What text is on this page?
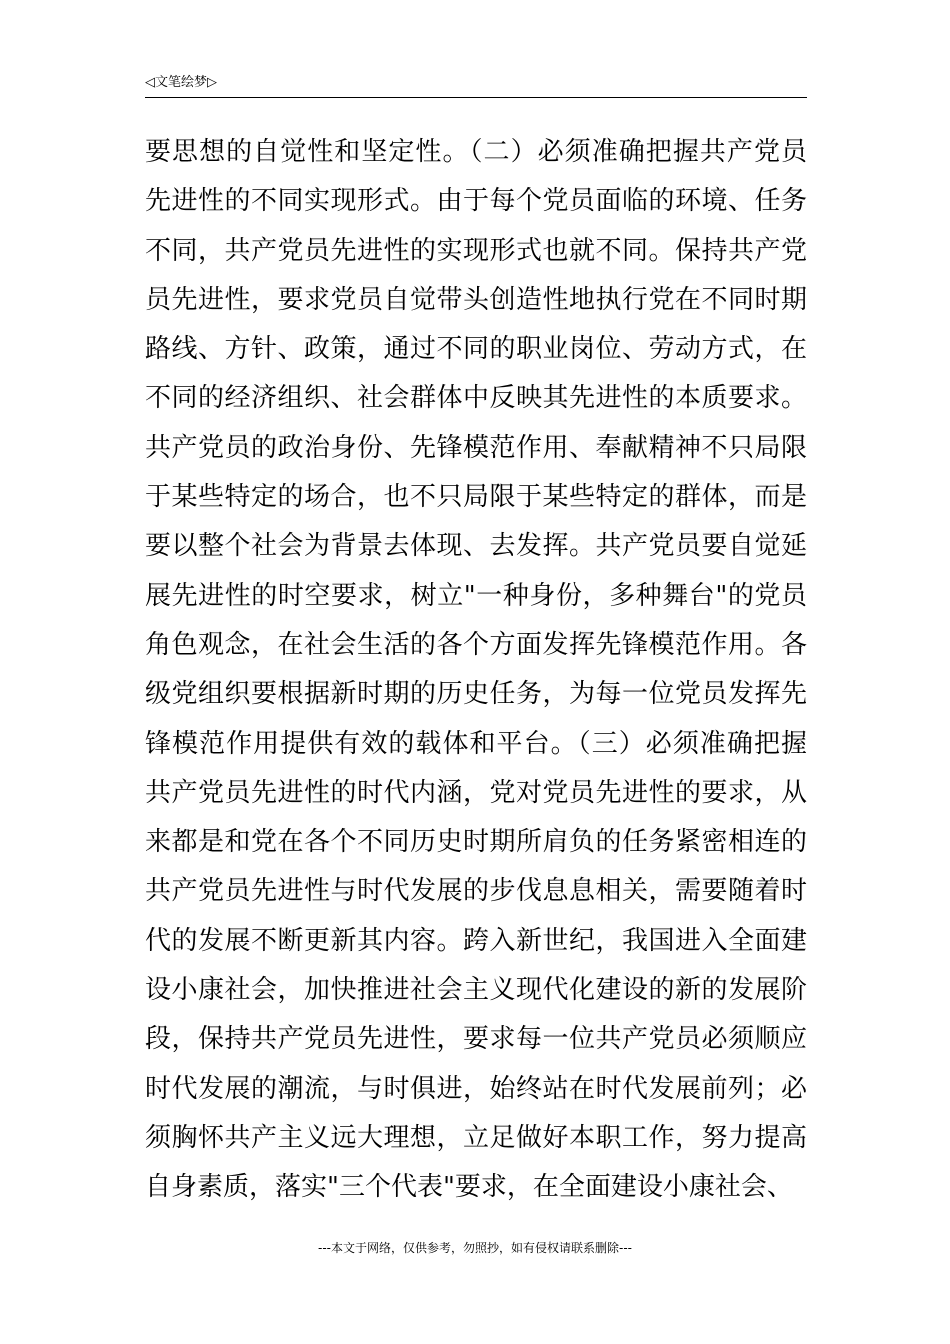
◁文笔绘梦▷
要思想的自觉性和坚定性。（二）必须准确把握共产党员
先进性的不同实现形式。由于每个党员面临的环境、任务
不同，共产党员先进性的实现形式也就不同。保持共产党
员先进性，要求党员自觉带头创造性地执行党在不同时期
路线、方针、政策，通过不同的职业岗位、劳动方式，在
不同的经济组织、社会群体中反映其先进性的本质要求。
共产党员的政治身份、先锋模范作用、奉献精神不只局限
于某些特定的场合，也不只局限于某些特定的群体，而是
要以整个社会为背景去体现、去发挥。共产党员要自觉延
展先进性的时空要求，树立"一种身份，多种舞台"的党员
角色观念，在社会生活的各个方面发挥先锋模范作用。各
级党组织要根据新时期的历史任务，为每一位党员发挥先
锋模范作用提供有效的载体和平台。（三）必须准确把握
共产党员先进性的时代内涵，党对党员先进性的要求，从
来都是和党在各个不同历史时期所肩负的任务紧密相连的
共产党员先进性与时代发展的步伐息息相关，需要随着时
代的发展不断更新其内容。跨入新世纪，我国进入全面建
设小康社会，加快推进社会主义现代化建设的新的发展阶
段，保持共产党员先进性，要求每一位共产党员必须顺应
时代发展的潮流，与时俱进，始终站在时代发展前列；必
须胸怀共产主义远大理想，立足做好本职工作，努力提高
自身素质，落实"三个代表"要求，在全面建设小康社会、
---本文于网络，仅供参考，勿照抄，如有侵权请联系删除---
